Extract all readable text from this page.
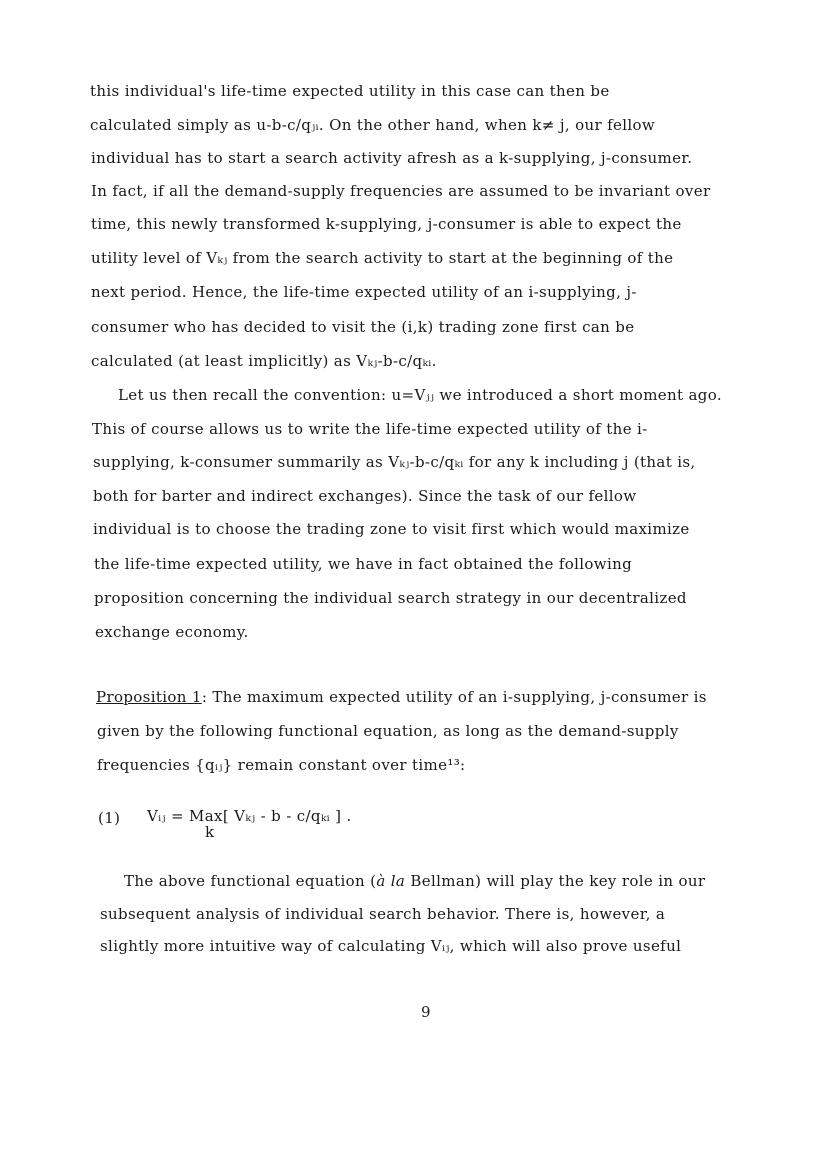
this individual's life-time expected utility in this case can then be
calculated simply as u-b-c/qⱼᵢ. On the other hand, when k≠ j, our fellow
individual has to start a search activity afresh as a k-supplying, j-consumer.
In fact, if all the demand-supply frequencies are assumed to be invariant over
time, this newly transformed k-supplying, j-consumer is able to expect the
utility level of Vₖⱼ from the search activity to start at the beginning of the
next period. Hence, the life-time expected utility of an i-supplying, j-
consumer who has decided to visit the (i,k) trading zone first can be
calculated (at least implicitly) as Vₖⱼ-b-c/qₖᵢ.
Let us then recall the convention: u=Vⱼⱼ we introduced a short moment ago.
This of course allows us to write the life-time expected utility of the i-
supplying, k-consumer summarily as Vₖⱼ-b-c/qₖᵢ for any k including j (that is,
both for barter and indirect exchanges). Since the task of our fellow
individual is to choose the trading zone to visit first which would maximize
the life-time expected utility, we have in fact obtained the following
proposition concerning the individual search strategy in our decentralized
exchange economy.
Proposition 1: The maximum expected utility of an i-supplying, j-consumer is
given by the following functional equation, as long as the demand-supply
frequencies {qᵢⱼ} remain constant over time¹³:
(1) Vᵢⱼ = Max[ Vₖⱼ - b - c/qₖᵢ ] .
k
The above functional equation (à la Bellman) will play the key role in our
subsequent analysis of individual search behavior. There is, however, a
slightly more intuitive way of calculating Vᵢⱼ, which will also prove useful
9
